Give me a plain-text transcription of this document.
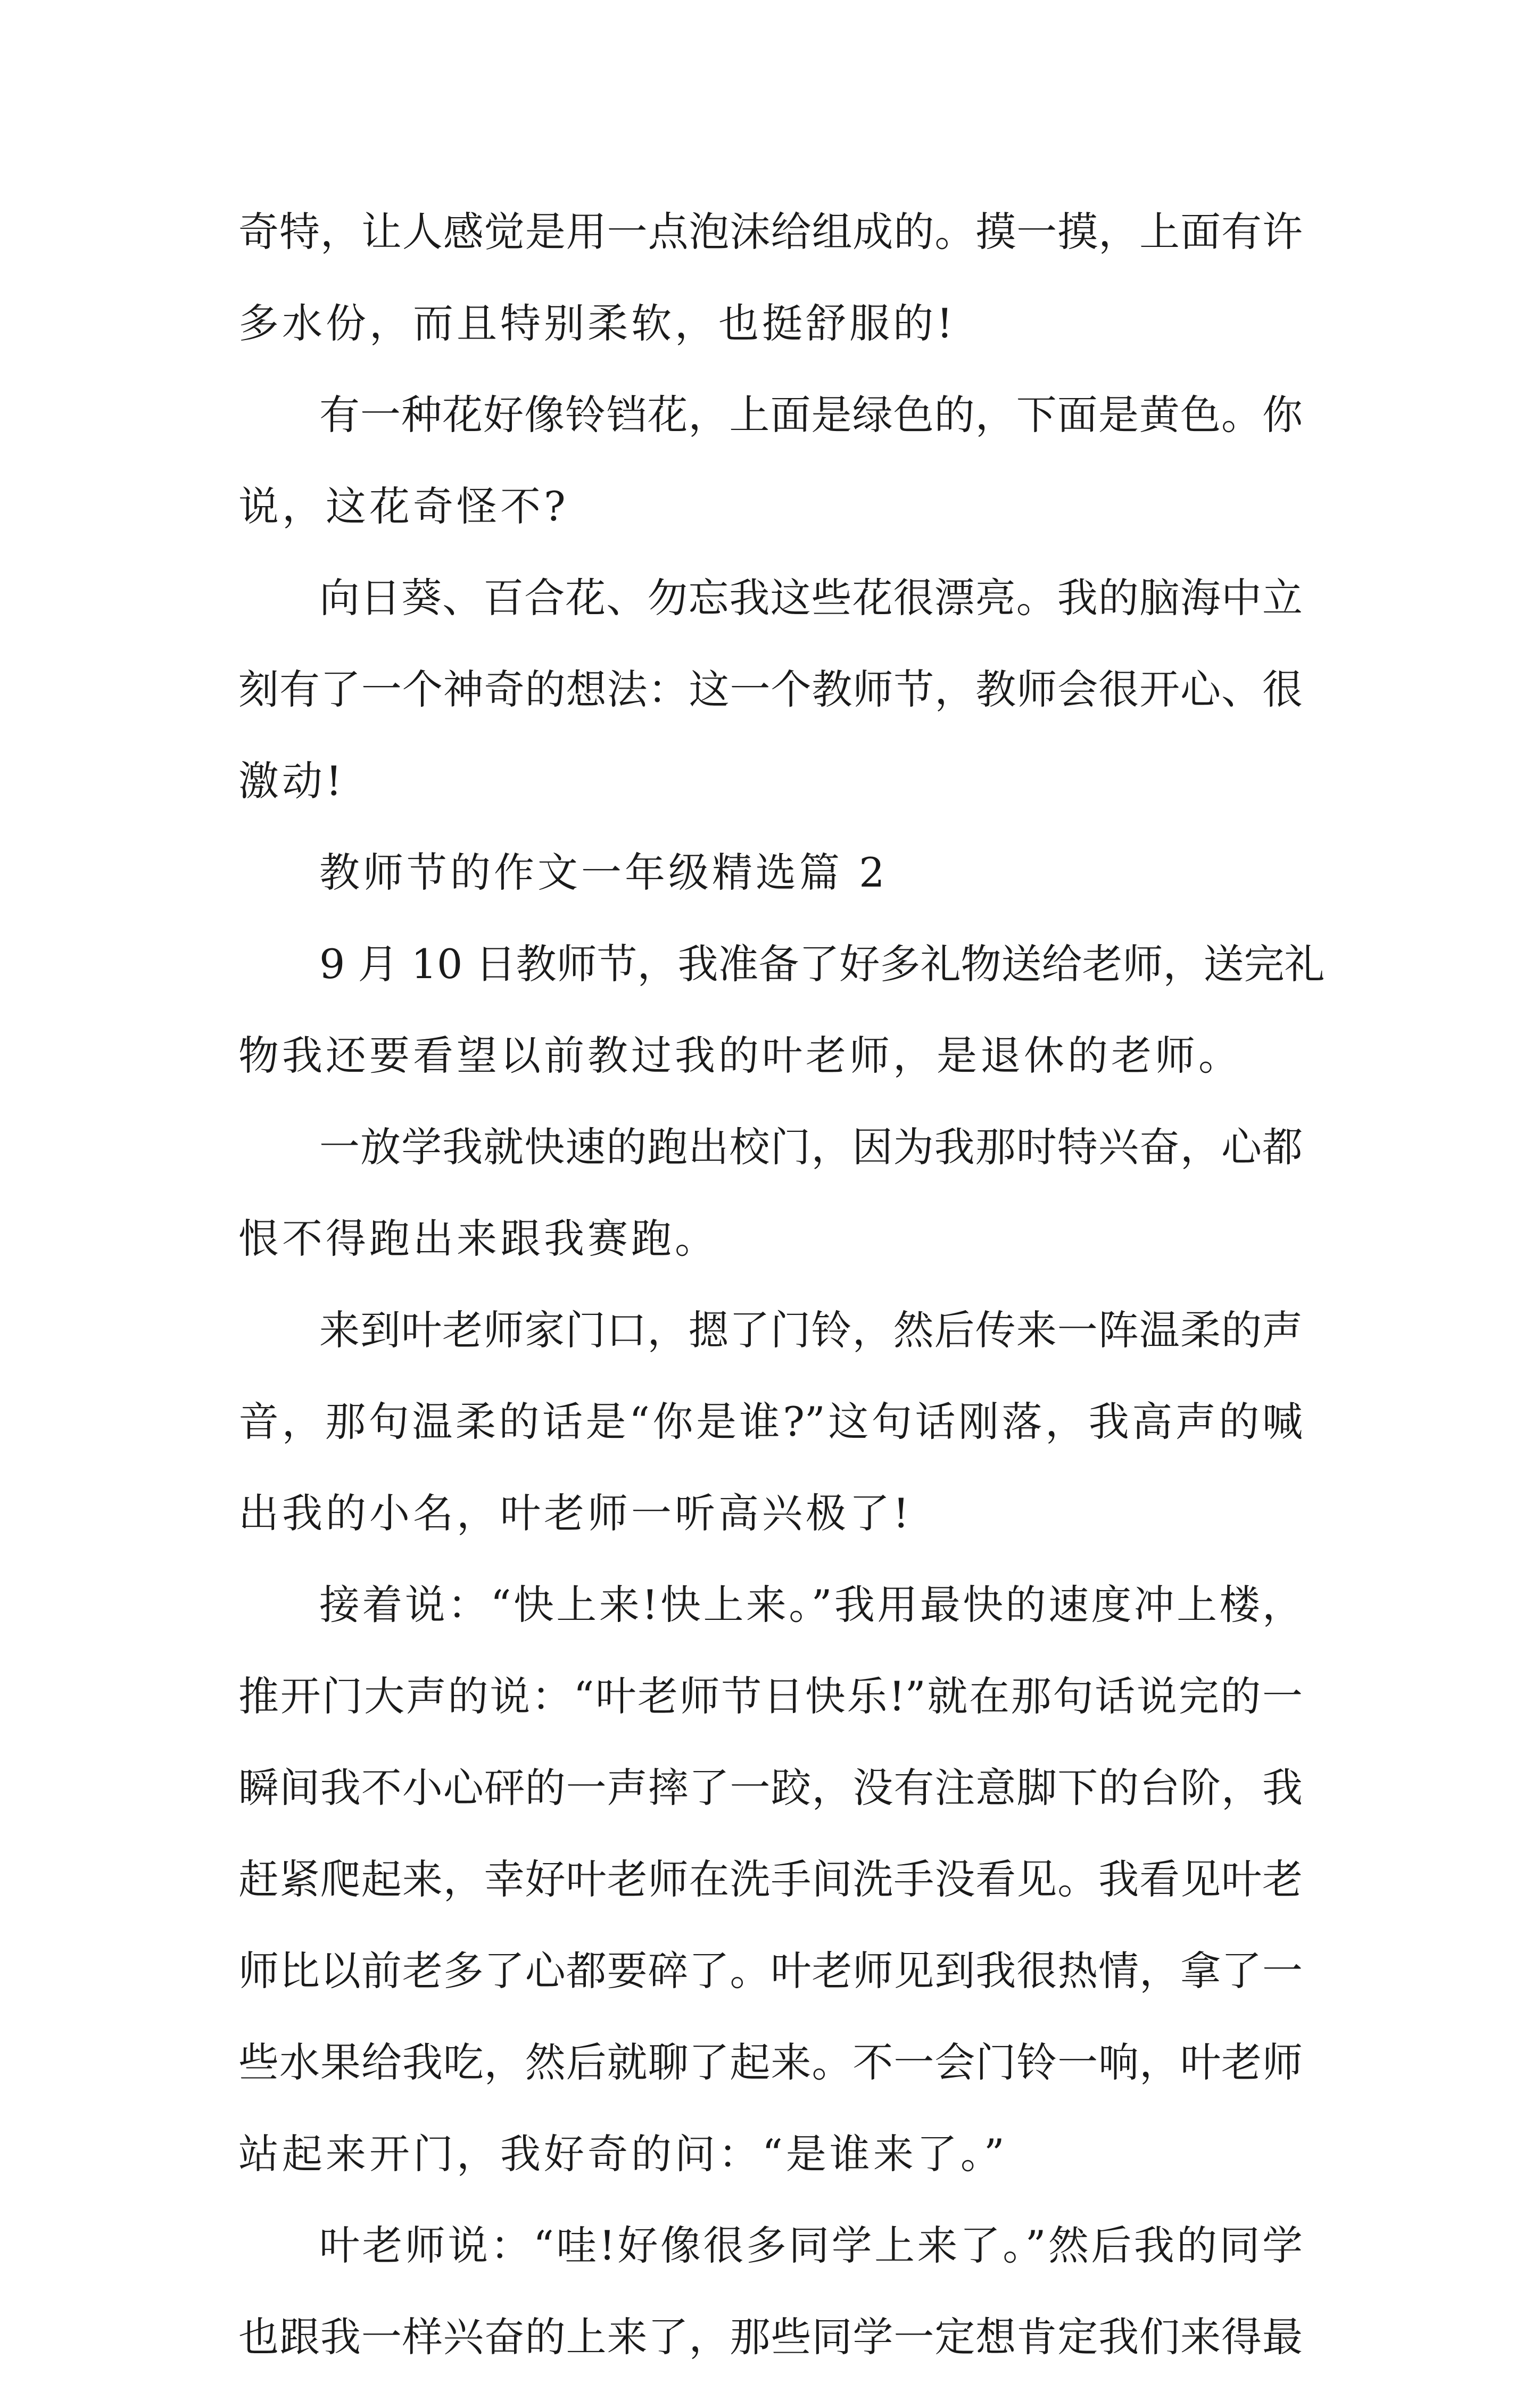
奇特，让人感觉是用一点泡沫给组成的。摸一摸，上面有许
多水份，而且特别柔软，也挺舒服的!
有一种花好像铃铛花，上面是绿色的，下面是黄色。你
说，这花奇怪不?
向日葵、百合花、勿忘我这些花很漂亮。我的脑海中立
刻有了一个神奇的想法：这一个教师节，教师会很开心、很
激动!
教师节的作文一年级精选篇 2
9 月 10 日教师节，我准备了好多礼物送给老师，送完礼
物我还要看望以前教过我的叶老师，是退休的老师。
一放学我就快速的跑出校门，因为我那时特兴奋，心都
恨不得跑出来跟我赛跑。
来到叶老师家门口，摁了门铃，然后传来一阵温柔的声
音，那句温柔的话是“你是谁?”这句话刚落，我高声的喊
出我的小名，叶老师一听高兴极了!
接着说：“快上来!快上来。”我用最快的速度冲上楼，
推开门大声的说：“叶老师节日快乐!”就在那句话说完的一
瞬间我不小心砰的一声摔了一跤，没有注意脚下的台阶，我
赶紧爬起来，幸好叶老师在洗手间洗手没看见。我看见叶老
师比以前老多了心都要碎了。叶老师见到我很热情，拿了一
些水果给我吃，然后就聊了起来。不一会门铃一响，叶老师
站起来开门，我好奇的问：“是谁来了。”
叶老师说：“哇!好像很多同学上来了。”然后我的同学
也跟我一样兴奋的上来了，那些同学一定想肯定我们来得最
